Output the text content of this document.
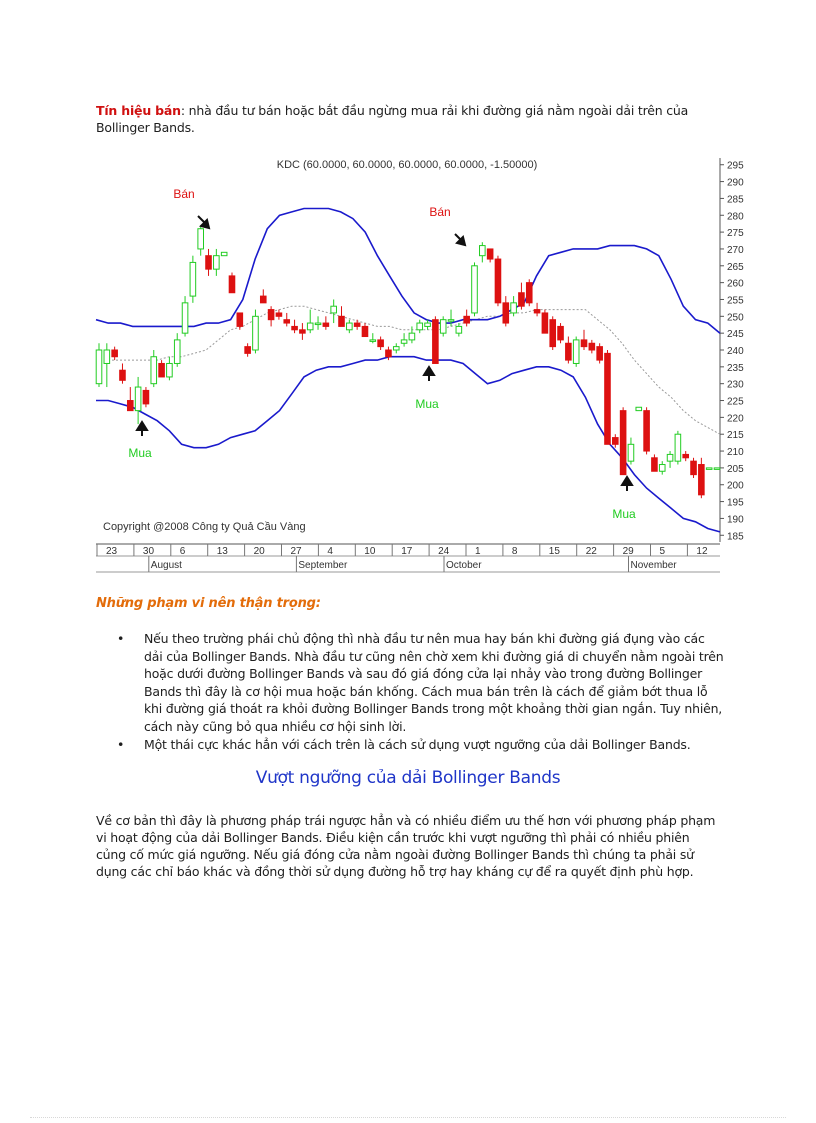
Tín hiệu bán: nhà đầu tư bán hoặc bắt đầu ngừng mua rải khi đường giá nằm ngoài dải trên của Bollinger Bands.
KDC (60.0000, 60.0000, 60.0000, 60.0000, -1.50000)
185
190
195
200
205
210
215
220
225
230
235
240
245
250
255
260
265
270
275
280
285
290
295
Bán
Bán
Mua
Mua
Mua
Copyright @2008 Công ty Quả Cầu Vàng
23	30	6	13	20	27	4	10	17	24	1	8	15	22	29	5	12
August	September	October	November
Những phạm vi nên thận trọng:
• Nếu theo trường phái chủ động thì nhà đầu tư nên mua hay bán khi đường giá đụng vào các dải của Bollinger Bands. Nhà đầu tư cũng nên chờ xem khi đường giá di chuyển nằm ngoài trên hoặc dưới đường Bollinger Bands và sau đó giá đóng cửa lại nhảy vào trong đường Bollinger Bands thì đây là cơ hội mua hoặc bán khống. Cách mua bán trên là cách để giảm bớt thua lỗ khi đường giá thoát ra khỏi đường Bollinger Bands trong một khoảng thời gian ngắn. Tuy nhiên, cách này cũng bỏ qua nhiều cơ hội sinh lời.
• Một thái cực khác hẳn với cách trên là cách sử dụng vượt ngưỡng của dải Bollinger Bands.
Vượt ngưỡng của dải Bollinger Bands
Về cơ bản thì đây là phương pháp trái ngược hẳn và có nhiều điểm ưu thế hơn với phương pháp phạm vi hoạt động của dải Bollinger Bands. Điều kiện cần trước khi vượt ngưỡng thì phải có nhiều phiên củng cố mức giá ngưỡng. Nếu giá đóng cửa nằm ngoài đường Bollinger Bands thì chúng ta phải sử dụng các chỉ báo khác và đồng thời sử dụng đường hỗ trợ hay kháng cự để ra quyết định phù hợp.
